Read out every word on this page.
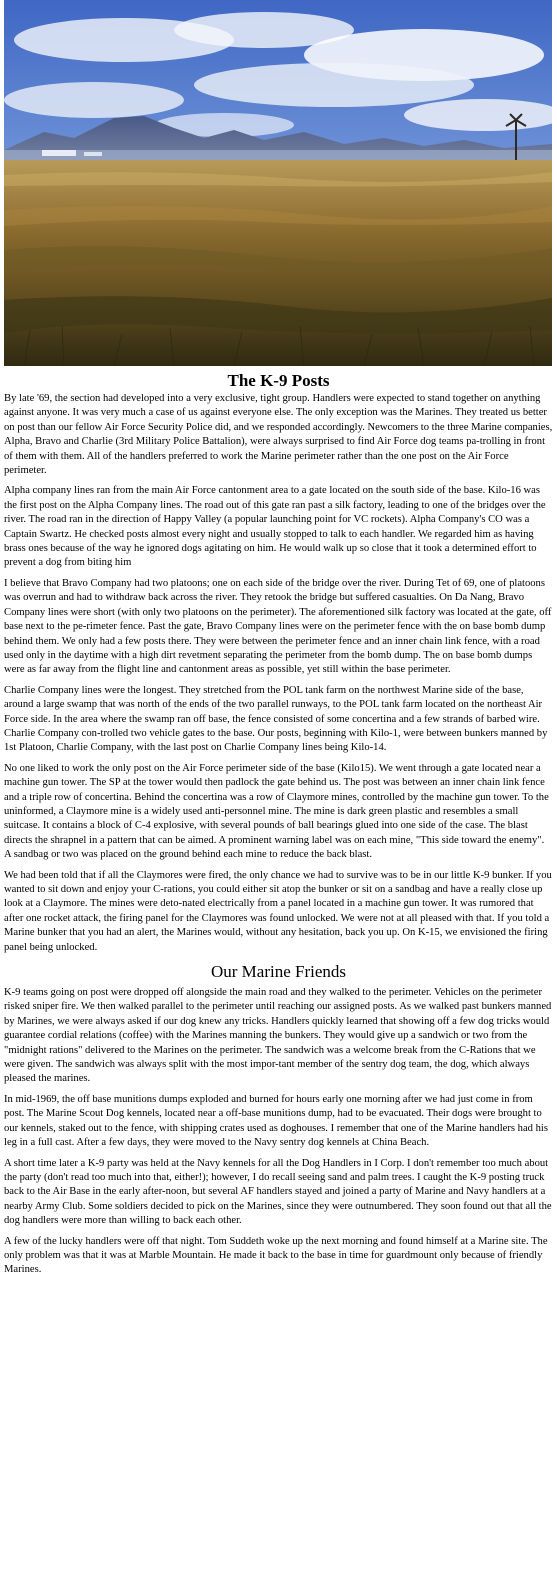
The K-9 Posts

By late '69, the section had developed into a very exclusive, tight group. Handlers were expected to stand together on anything against anyone. It was very much a case of us against everyone else. The only exception was the Marines. They treated us better on post than our fellow Air Force Security Police did, and we responded accordingly. Newcomers to the three Marine companies, Alpha, Bravo and Charlie (3rd Military Police Battalion), were always surprised to find Air Force dog teams pa-trolling in front of them with them. All of the handlers preferred to work the Marine perimeter rather than the one post on the Air Force perimeter.

Alpha company lines ran from the main Air Force cantonment area to a gate located on the south side of the base. Kilo-16 was the first post on the Alpha Company lines. The road out of this gate ran past a silk factory, leading to one of the bridges over the river. The road ran in the direction of Happy Valley (a popular launching point for VC rockets). Alpha Company's CO was a Captain Swartz. He checked posts almost every night and usually stopped to talk to each handler. We regarded him as having brass ones because of the way he ignored dogs agitating on him. He would walk up so close that it took a determined effort to prevent a dog from biting him

I believe that Bravo Company had two platoons; one on each side of the bridge over the river. During Tet of 69, one of platoons was overrun and had to withdraw back across the river. They retook the bridge but suffered casualties. On Da Nang, Bravo Company lines were short (with only two platoons on the perimeter). The aforementioned silk factory was located at the gate, off base next to the pe-rimeter fence. Past the gate, Bravo Company lines were on the perimeter fence with the on base bomb dump behind them. We only had a few posts there. They were between the perimeter fence and an inner chain link fence, with a road used only in the daytime with a high dirt revetment separating the perimeter from the bomb dump. The on base bomb dumps were as far away from the flight line and cantonment areas as possible, yet still within the base perimeter.

Charlie Company lines were the longest. They stretched from the POL tank farm on the northwest Marine side of the base, around a large swamp that was north of the ends of the two parallel runways, to the POL tank farm located on the northeast Air Force side. In the area where the swamp ran off base, the fence consisted of some concertina and a few strands of barbed wire. Charlie Company con-trolled two vehicle gates to the base. Our posts, beginning with Kilo-1, were between bunkers manned by 1st Platoon, Charlie Company, with the last post on Charlie Company lines being Kilo-14.

No one liked to work the only post on the Air Force perimeter side of the base (Kilo15). We went through a gate located near a machine gun tower. The SP at the tower would then padlock the gate behind us. The post was between an inner chain link fence and a triple row of concertina. Behind the concertina was a row of Claymore mines, controlled by the machine gun tower. To the uninformed, a Claymore mine is a widely used anti-personnel mine. The mine is dark green plastic and resembles a small suitcase. It contains a block of C-4 explosive, with several pounds of ball bearings glued into one side of the case. The blast directs the shrapnel in a pattern that can be aimed. A prominent warning label was on each mine, "This side toward the enemy". A sandbag or two was placed on the ground behind each mine to reduce the back blast.

We had been told that if all the Claymores were fired, the only chance we had to survive was to be in our little K-9 bunker. If you wanted to sit down and enjoy your C-rations, you could either sit atop the bunker or sit on a sandbag and have a really close up look at a Claymore. The mines were deto-nated electrically from a panel located in a machine gun tower. It was rumored that after one rocket attack, the firing panel for the Claymores was found unlocked. We were not at all pleased with that. If you told a Marine bunker that you had an alert, the Marines would, without any hesitation, back you up. On K-15, we envisioned the firing panel being unlocked.

Our Marine Friends

K-9 teams going on post were dropped off alongside the main road and they walked to the perimeter. Vehicles on the perimeter risked sniper fire. We then walked parallel to the perimeter until reaching our assigned posts. As we walked past bunkers manned by Marines, we were always asked if our dog knew any tricks. Handlers quickly learned that showing off a few dog tricks would guarantee cordial relations (coffee) with the Marines manning the bunkers. They would give up a sandwich or two from the "midnight rations" delivered to the Marines on the perimeter. The sandwich was a welcome break from the C-Rations that we were given. The sandwich was always split with the most impor-tant member of the sentry dog team, the dog, which always pleased the marines.

In mid-1969, the off base munitions dumps exploded and burned for hours early one morning after we had just come in from post. The Marine Scout Dog kennels, located near a off-base munitions dump, had to be evacuated. Their dogs were brought to our kennels, staked out to the fence, with shipping crates used as doghouses. I remember that one of the Marine handlers had his leg in a full cast. After a few days, they were moved to the Navy sentry dog kennels at China Beach.

A short time later a K-9 party was held at the Navy kennels for all the Dog Handlers in I Corp. I don't remember too much about the party (don't read too much into that, either!); however, I do recall seeing sand and palm trees. I caught the K-9 posting truck back to the Air Base in the early after-noon, but several AF handlers stayed and joined a party of Marine and Navy handlers at a nearby Army Club. Some soldiers decided to pick on the Marines, since they were outnumbered. They soon found out that all the dog handlers were more than willing to back each other.

A few of the lucky handlers were off that night. Tom Suddeth woke up the next morning and found himself at a Marine site. The only problem was that it was at Marble Mountain. He made it back to the base in time for guardmount only because of friendly Marines.
